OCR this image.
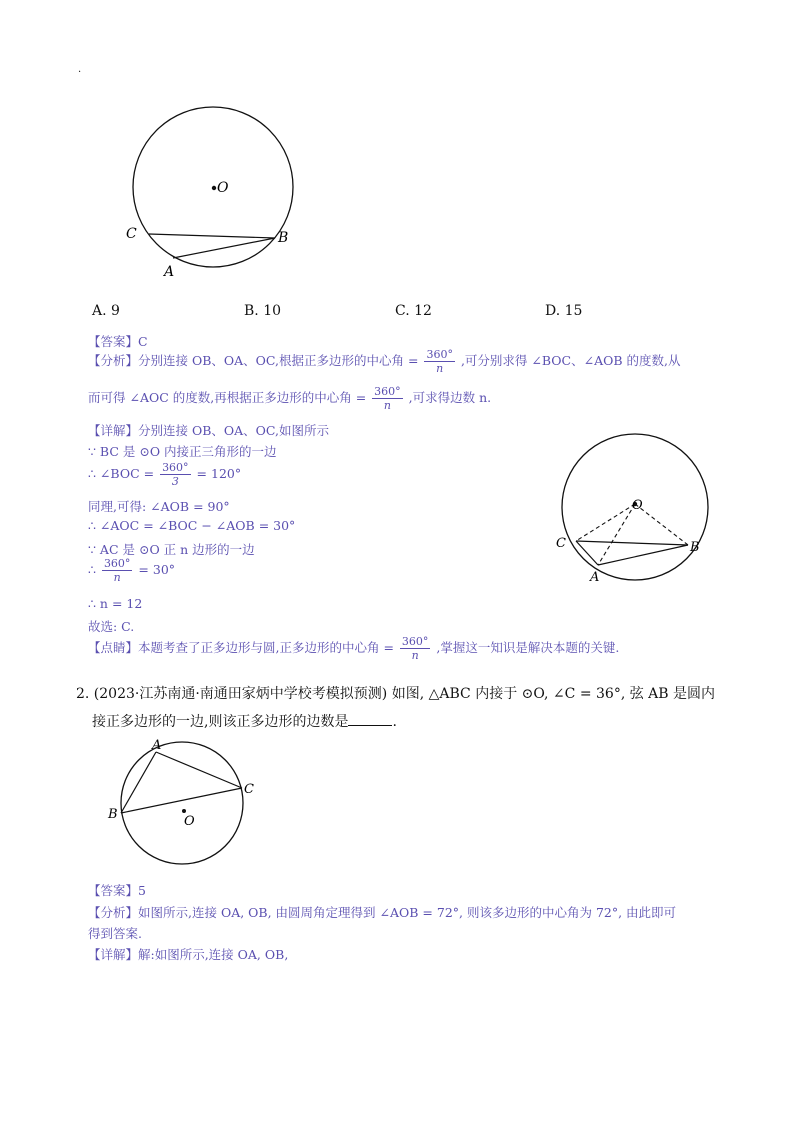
.
O
C	B
A
A. 9	B. 10	C. 12	D. 15
【答案】C
【分析】分别连接 OB、OA、OC,根据正多边形的中心角 = $\frac{360^\circ}{n}$ ,可分别求得 ∠BOC、∠AOB 的度数,从
而可得 ∠AOC 的度数,再根据正多边形的中心角 = $\frac{360^\circ}{n}$ ,可求得边数 n.
【详解】分别连接 OB、OA、OC,如图所示
∵ BC 是 ⊙O 内接正三角形的一边
∴ ∠BOC = $\frac{360^\circ}{3} = 120^\circ$
同理,可得: ∠AOB = 90°
∴ ∠AOC = ∠BOC − ∠AOB = 30°
∵ AC 是 ⊙O 正 n 边形的一边
∴ $\frac{360^\circ}{n} = 30^\circ$
∴ n = 12
故选: C.
【点睛】本题考查了正多边形与圆,正多边形的中心角 = $\frac{360^\circ}{n}$ ,掌握这一知识是解决本题的关键.
O
C	B
A
2. (2023·江苏南通·南通田家炳中学校考模拟预测) 如图, △ABC 内接于 ⊙O, ∠C = 36°, 弦 AB 是圆内
接正多边形的一边,则该正多边形的边数是	.
A
B
C
O
【答案】5
【分析】如图所示,连接 OA, OB, 由圆周角定理得到 ∠AOB = 72°, 则该多边形的中心角为 72°, 由此即可
得到答案.
【详解】解:如图所示,连接 OA, OB,
